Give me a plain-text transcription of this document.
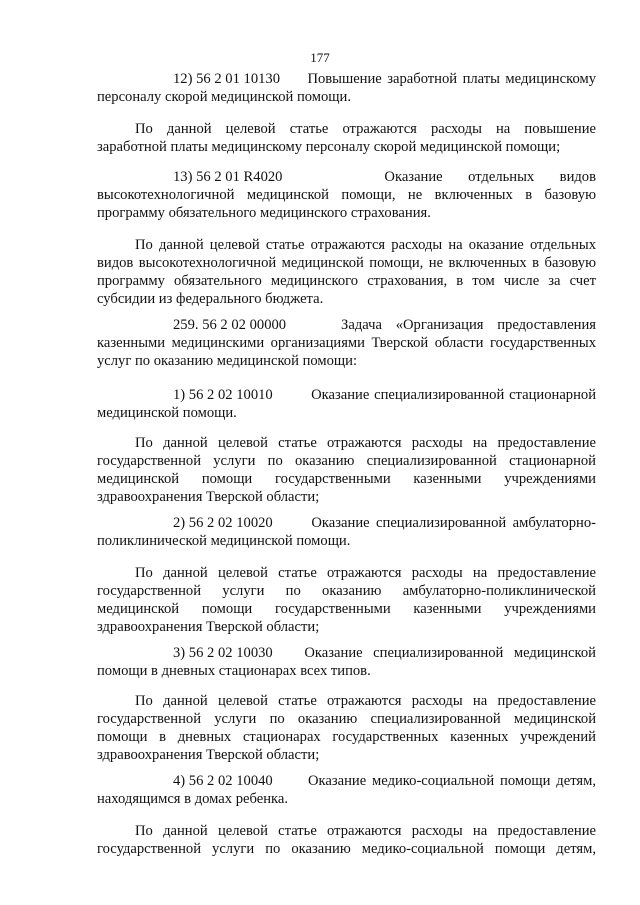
177

12) 56 2 01 10130 Повышение заработной платы медицинскому персоналу скорой медицинской помощи.

По данной целевой статье отражаются расходы на повышение заработной платы медицинскому персоналу скорой медицинской помощи;

13) 56 2 01 R4020	Оказание отдельных видов высокотехнологичной медицинской помощи, не включенных в базовую программу обязательного медицинского страхования.

По данной целевой статье отражаются расходы на оказание отдельных видов высокотехнологичной медицинской помощи, не включенных в базовую программу обязательного медицинского страхования, в том числе за счет субсидии из федерального бюджета.

259. 56 2 02 00000	Задача «Организация предоставления казенными медицинскими организациями Тверской области государственных услуг по оказанию медицинской помощи:

1) 56 2 02 10010	Оказание специализированной стационарной медицинской помощи.

По данной целевой статье отражаются расходы на предоставление государственной услуги по оказанию специализированной стационарной медицинской помощи государственными казенными учреждениями здравоохранения Тверской области;

2) 56 2 02 10020	Оказание специализированной амбулаторно-поликлинической медицинской помощи.

По данной целевой статье отражаются расходы на предоставление государственной услуги по оказанию амбулаторно-поликлинической медицинской помощи государственными казенными учреждениями здравоохранения Тверской области;

3) 56 2 02 10030 Оказание специализированной медицинской помощи в дневных стационарах всех типов.

По данной целевой статье отражаются расходы на предоставление государственной услуги по оказанию специализированной медицинской помощи в дневных стационарах государственных казенных учреждений здравоохранения Тверской области;

4) 56 2 02 10040 Оказание медико-социальной помощи детям, находящимся в домах ребенка.

По данной целевой статье отражаются расходы на предоставление государственной услуги по оказанию медико-социальной помощи детям,
